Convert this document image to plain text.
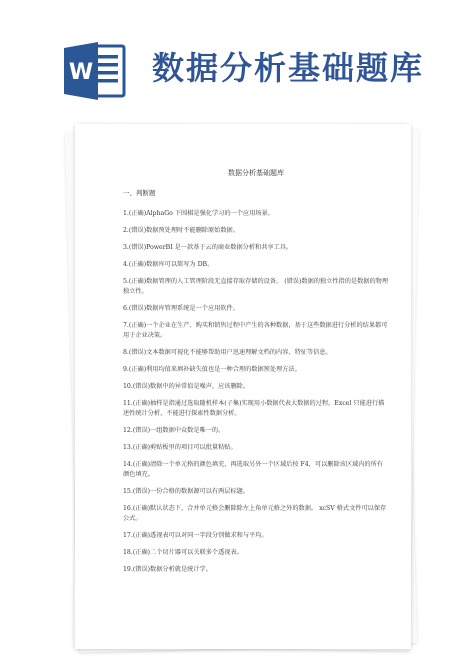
W 数据分析基础题库
数据分析基础题库
一、判断题
1.(正确)AlphaGo 下围棋是强化学习的一个应用场景。
2.(错误)数据预处理时不能删除原始数据。
3.(错误)PowerBI 是一款基于云的商业数据分析和共享工具。
4.(正确)数据库可以简写为 DB。
5.(正确)数据管理的人工管理阶段无直接存取存储的设备。 (错误)数据的独立性指的是数据的物理独立性。
6.(错误)数据库管理系统是一个应用软件。
7.(正确)一个企业在生产、购买和销售过程中产生的各种数据，基于这些数据进行分析的结果都可用于企业决策。
8.(错误)文本数据可视化不能够帮助用户迅速理解文档的内容、特征等信息。
9.(正确)利用均值来填补缺失值也是一种合理的数据预处理方法。
10.(错误)数据中的异常值是噪声，应该删除。
11.(正确)抽样是指通过选取随机样本(子集)实现用小数据代表大数据的过程。Excel 只能进行描述性统计分析，不能进行探索性数据分析。
12.(错误)一组数据中众数是唯一的。
13.(正确)剪贴板里的项目可以批量粘贴。
14.(正确)清除一个单元格的颜色填充，再选取另外一个区域后按 F4，可以删除该区域内的所有颜色填充。
15.(错误)一份合格的数据源可以有两层标题。
16.(正确)默认状态下，合并单元格会删除除左上角单元格之外的数据。 xcSV 格式文件可以保存公式。
17.(正确)透视表可以对同一字段分别做求和与平均。
18.(正确)二个切片器可以关联多个透视表。
19.(错误)数据分析就是统计学。
